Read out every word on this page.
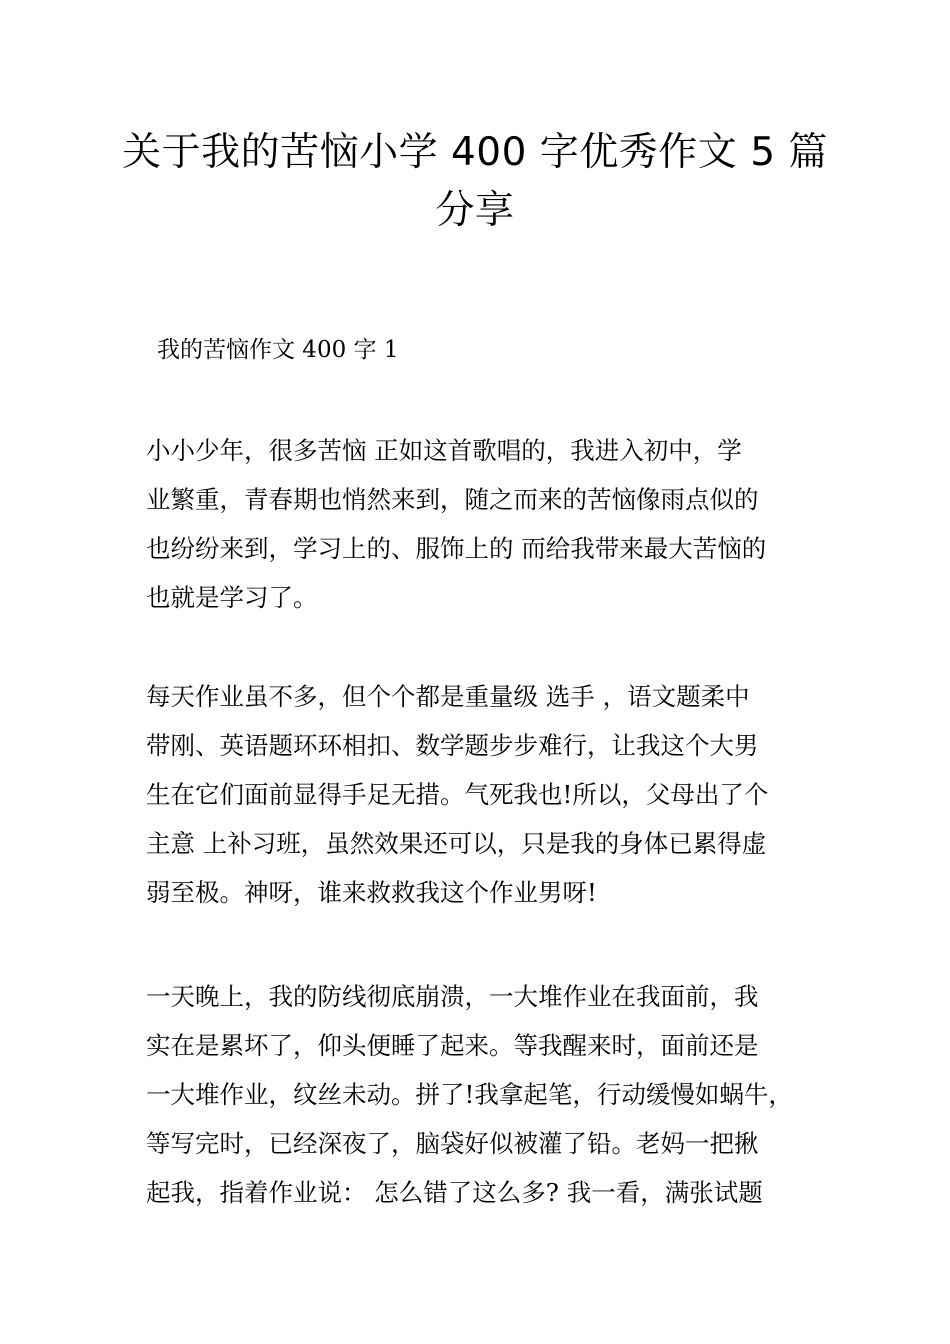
关于我的苦恼小学 400 字优秀作文 5 篇
分享
我的苦恼作文 400 字 1
小小少年，很多苦恼 正如这首歌唱的，我进入初中，学
业繁重，青春期也悄然来到，随之而来的苦恼像雨点似的
也纷纷来到，学习上的、服饰上的 而给我带来最大苦恼的
也就是学习了。
每天作业虽不多，但个个都是重量级 选手 ，语文题柔中
带刚、英语题环环相扣、数学题步步难行，让我这个大男
生在它们面前显得手足无措。气死我也!所以，父母出了个
主意 上补习班，虽然效果还可以，只是我的身体已累得虚
弱至极。神呀，谁来救救我这个作业男呀!
一天晚上，我的防线彻底崩溃，一大堆作业在我面前，我
实在是累坏了，仰头便睡了起来。等我醒来时，面前还是
一大堆作业，纹丝未动。拼了!我拿起笔，行动缓慢如蜗牛，
等写完时，已经深夜了，脑袋好似被灌了铅。老妈一把揪
起我，指着作业说： 怎么错了这么多? 我一看，满张试题
